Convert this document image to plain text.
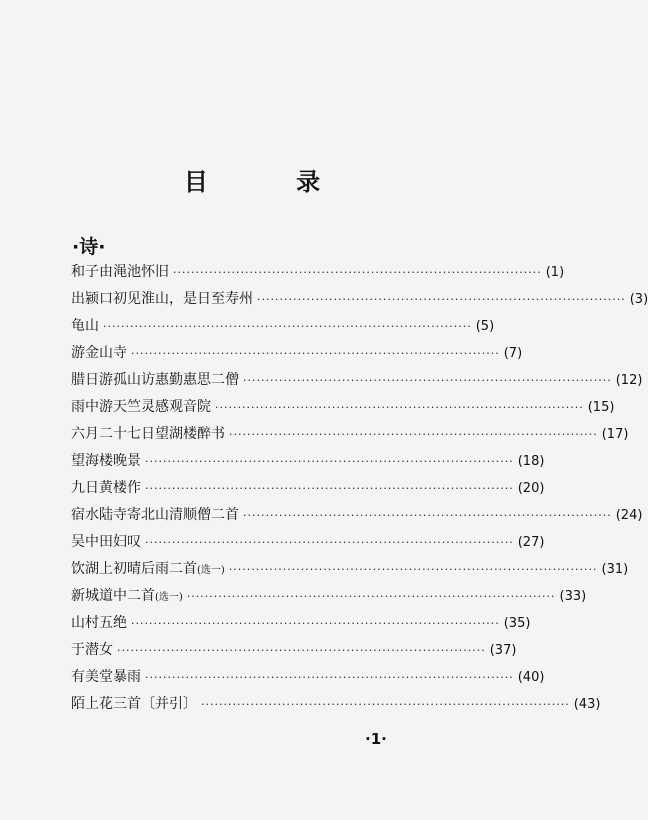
目 录
·诗·
和子由渑池怀旧 ·················································································· (1)
出颍口初见淮山，是日至寿州 ·················································································· (3)
龟山 ·················································································· (5)
游金山寺 ·················································································· (7)
腊日游孤山访惠勤惠思二僧 ·················································································· (12)
雨中游天竺灵感观音院 ·················································································· (15)
六月二十七日望湖楼醉书 ·················································································· (17)
望海楼晚景 ·················································································· (18)
九日黄楼作 ·················································································· (20)
宿水陆寺寄北山清顺僧二首 ·················································································· (24)
吴中田妇叹 ·················································································· (27)
饮湖上初晴后雨二首(选一) ·················································································· (31)
新城道中二首(选一) ·················································································· (33)
山村五绝 ·················································································· (35)
于潜女 ·················································································· (37)
有美堂暴雨 ·················································································· (40)
陌上花三首〔并引〕 ·················································································· (43)
·1·
